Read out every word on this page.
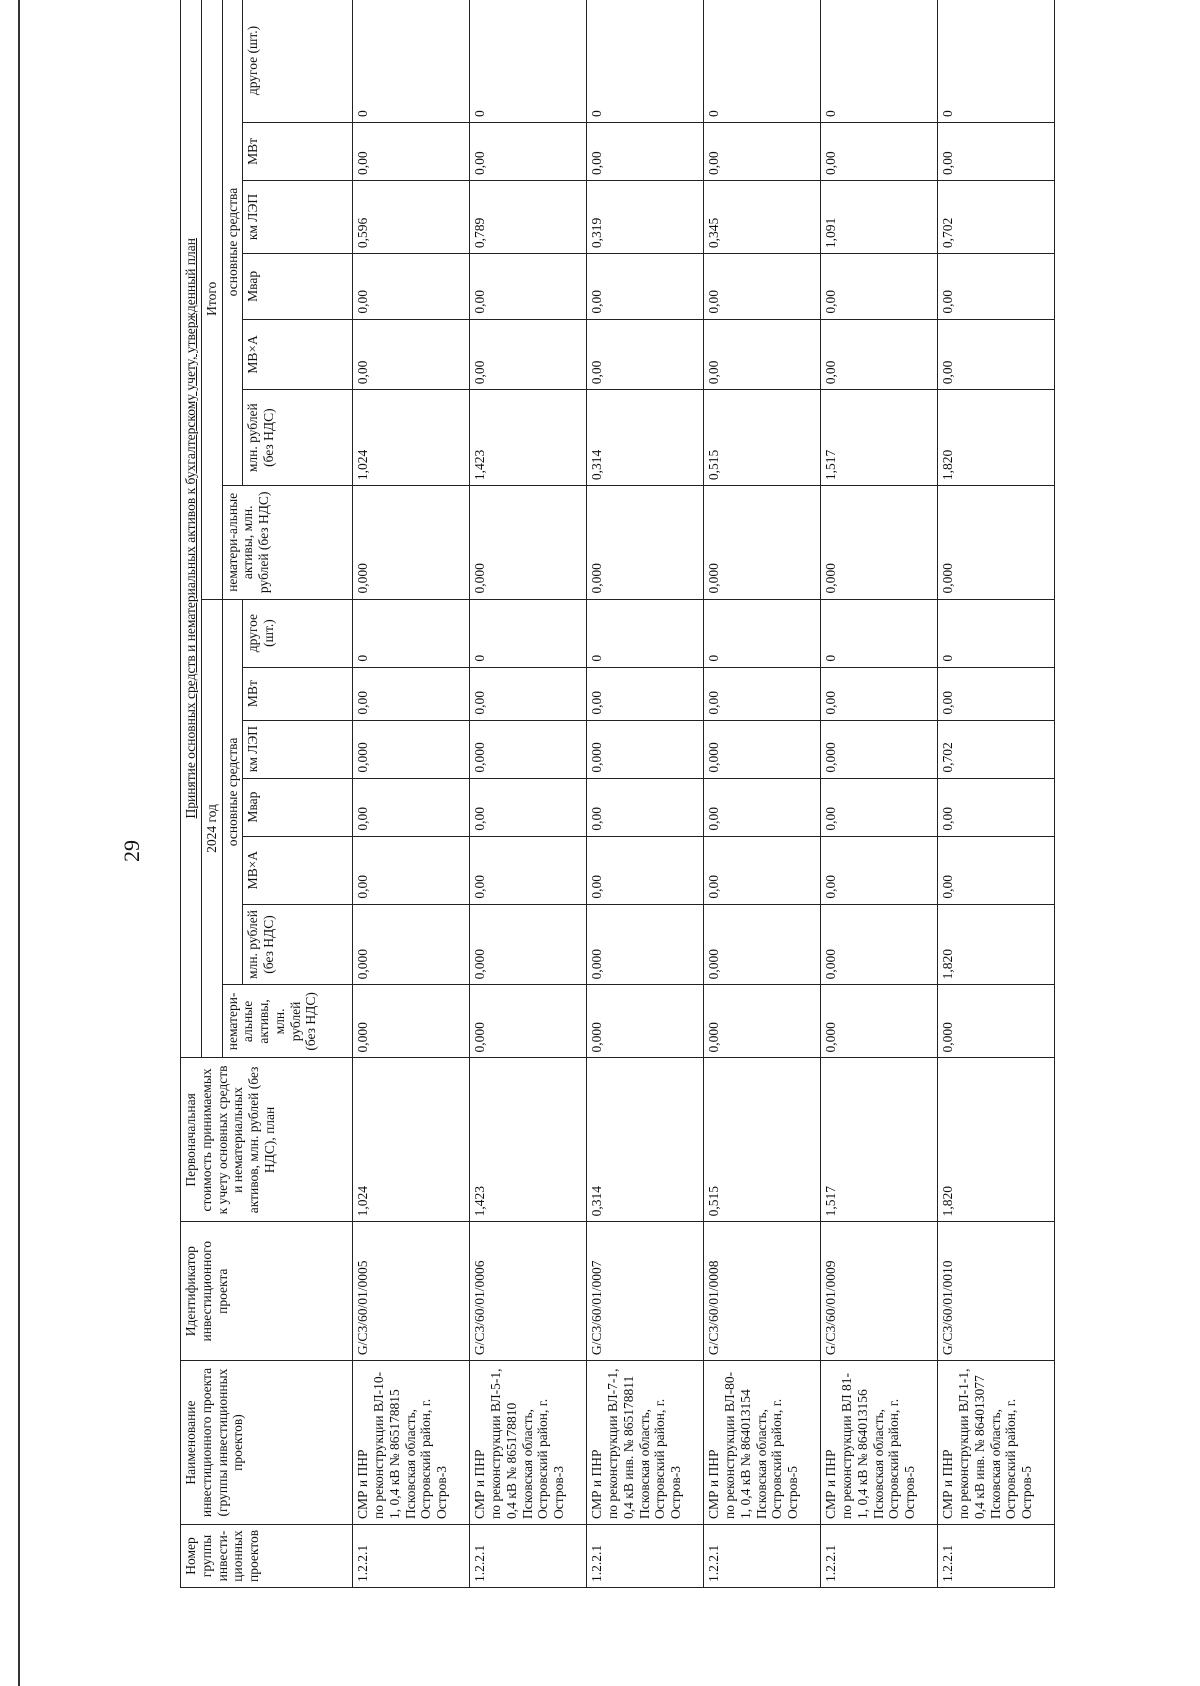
29
Номер группы инвести-ционных проектов	Наименование инвестиционного проекта (группы инвестиционных проектов)	Идентификатор инвестиционного проекта	Первоначальная стоимость принимаемых к учету основных средств и нематериальных активов, млн. рублей (без НДС), план	Принятие основных средств и нематериальных активов к бухгалтерскому учету, утвержденный план													
				2024 год							Итого						
				нематери-альные активы, млн. рублей (без НДС)	основные средства						нематери-альные активы, млн. рублей (без НДС)	основные средства					
					млн. рублей (без НДС)	МВ×А	Мвар	км ЛЭП	МВт	другое (шт.)		млн. рублей (без НДС)	МВ×А	Мвар	км ЛЭП	МВт	другое (шт.)
1.2.2.1	СМР и ПНР по реконструкции ВЛ-10-1, 0,4 кВ № 865178815 Псковская область, Островский район, г. Остров-3	G/C3/60/01/0005	1,024	0,000	0,000	0,00	0,00	0,000	0,00	0	0,000	1,024	0,00	0,00	0,596	0,00	0
1.2.2.1	СМР и ПНР по реконструкции ВЛ-5-1, 0,4 кВ № 865178810 Псковская область, Островский район, г. Остров-3	G/C3/60/01/0006	1,423	0,000	0,000	0,00	0,00	0,000	0,00	0	0,000	1,423	0,00	0,00	0,789	0,00	0
1.2.2.1	СМР и ПНР по реконструкции ВЛ-7-1, 0,4 кВ инв. № 865178811 Псковская область, Островский район, г. Остров-3	G/C3/60/01/0007	0,314	0,000	0,000	0,00	0,00	0,000	0,00	0	0,000	0,314	0,00	0,00	0,319	0,00	0
1.2.2.1	СМР и ПНР по реконструкции ВЛ-80-1, 0,4 кВ № 864013154 Псковская область, Островский район, г. Остров-5	G/C3/60/01/0008	0,515	0,000	0,000	0,00	0,00	0,000	0,00	0	0,000	0,515	0,00	0,00	0,345	0,00	0
1.2.2.1	СМР и ПНР по реконструкции ВЛ 81-1, 0,4 кВ № 864013156 Псковская область, Островский район, г. Остров-5	G/C3/60/01/0009	1,517	0,000	0,000	0,00	0,00	0,000	0,00	0	0,000	1,517	0,00	0,00	1,091	0,00	0
1.2.2.1	СМР и ПНР по реконструкции ВЛ-1-1, 0,4 кВ инв. № 864013077 Псковская область, Островский район, г. Остров-5	G/C3/60/01/0010	1,820	0,000	1,820	0,00	0,00	0,702	0,00	0	0,000	1,820	0,00	0,00	0,702	0,00	0
